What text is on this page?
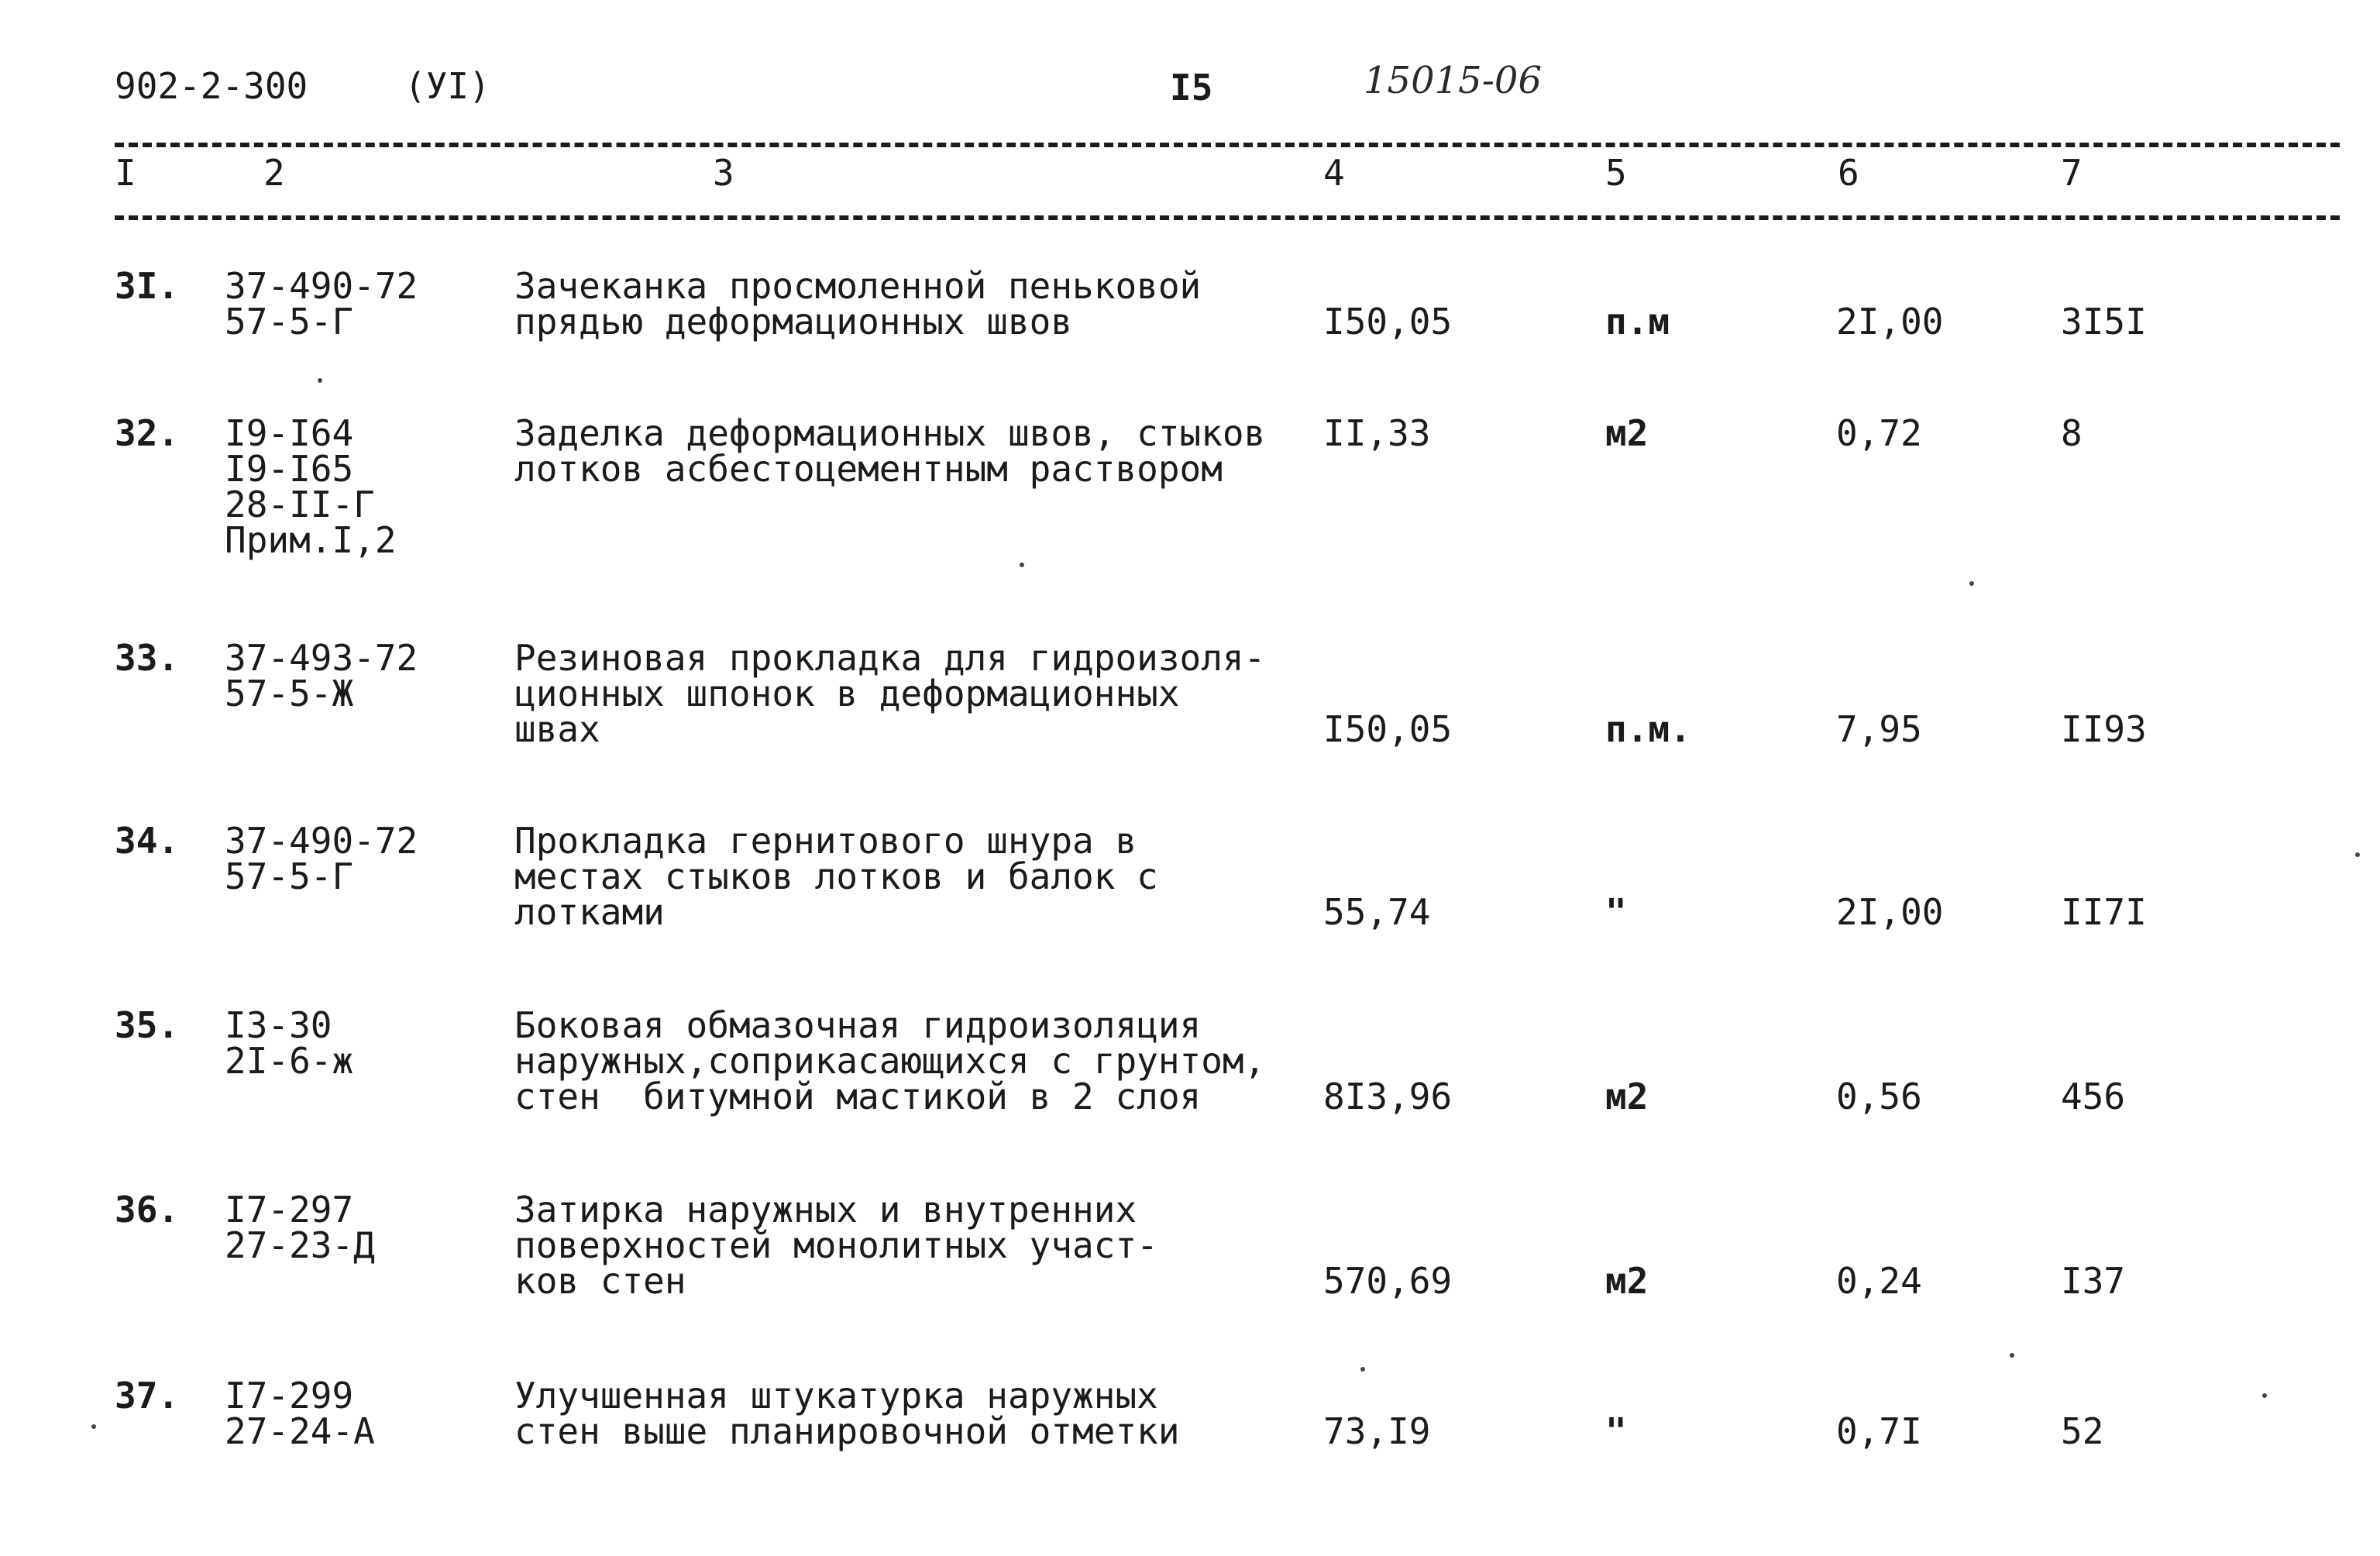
902-2-300	(УI)	I5	15015-06
I	2	3	4	5	6	7
3I. 37-490-72
57-5-Г
Зачеканка просмоленной пеньковой
прядью деформационных швов	I50,05	п.м	2I,00	3I5I
32. I9-I64
I9-I65
28-II-Г
Прим.I,2
Заделка деформационных швов, стыков
лотков асбестоцементным раствором
II,33	м2	0,72	8
33. 37-493-72
57-5-Ж
Резиновая прокладка для гидроизоля-
ционных шпонок в деформационных
швах	I50,05	п.м.	7,95	II93
34. 37-490-72
57-5-Г
Прокладка гернитового шнура в
местах стыков лотков и балок с
лотками	55,74	"	2I,00	II7I
35. I3-30
2I-6-ж
Боковая обмазочная гидроизоляция
наружных,соприкасающихся с грунтом,
стен  битумной мастикой в 2 слоя	8I3,96	м2	0,56	456
36. I7-297
27-23-Д
Затирка наружных и внутренних
поверхностей монолитных участ-
ков стен	570,69	м2	0,24	I37
37. I7-299
27-24-А
Улучшенная штукатурка наружных
стен выше планировочной отметки	73,I9	"	0,7I	52
